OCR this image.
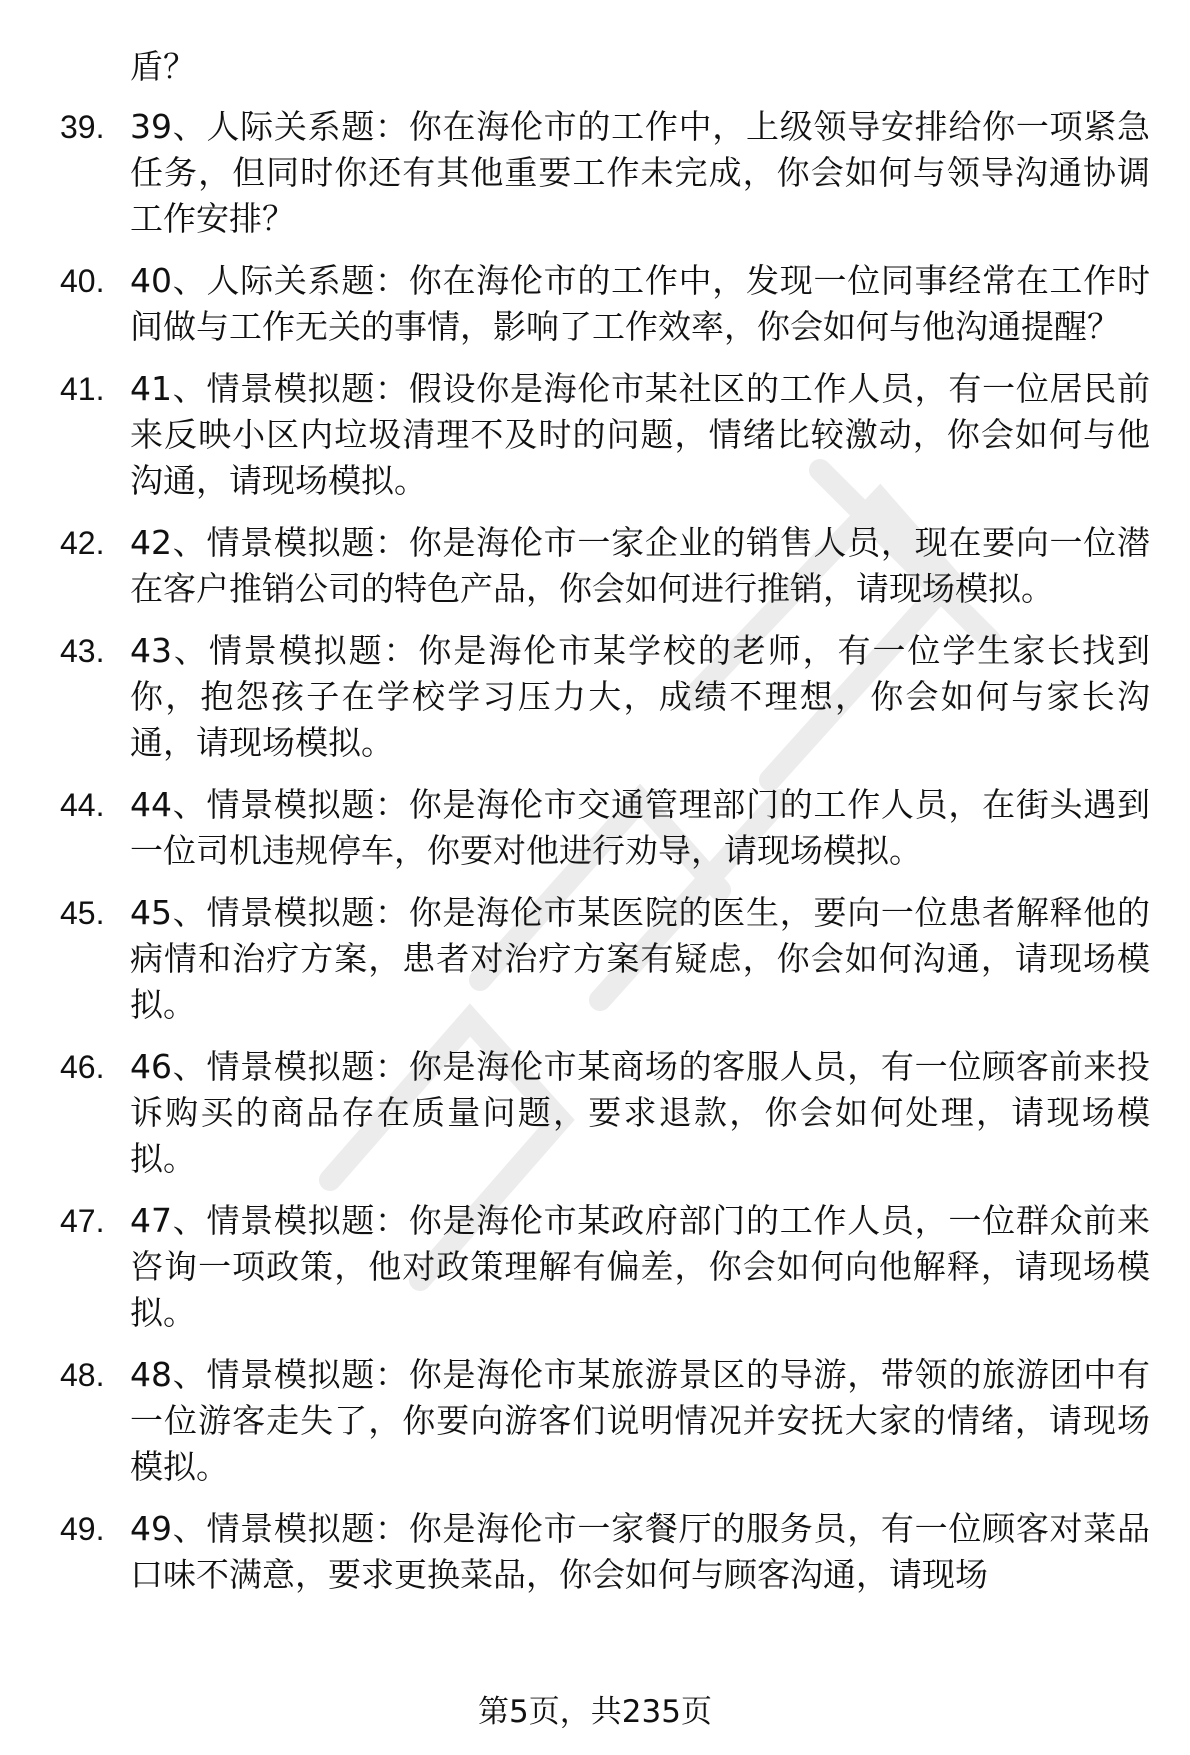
盾？
39. 39、人际关系题：你在海伦市的工作中，上级领导安排给你一项紧急任务，但同时你还有其他重要工作未完成，你会如何与领导沟通协调工作安排？
40. 40、人际关系题：你在海伦市的工作中，发现一位同事经常在工作时间做与工作无关的事情，影响了工作效率，你会如何与他沟通提醒？
41. 41、情景模拟题：假设你是海伦市某社区的工作人员，有一位居民前来反映小区内垃圾清理不及时的问题，情绪比较激动，你会如何与他沟通，请现场模拟。
42. 42、情景模拟题：你是海伦市一家企业的销售人员，现在要向一位潜在客户推销公司的特色产品，你会如何进行推销，请现场模拟。
43. 43、情景模拟题：你是海伦市某学校的老师，有一位学生家长找到你，抱怨孩子在学校学习压力大，成绩不理想，你会如何与家长沟通，请现场模拟。
44. 44、情景模拟题：你是海伦市交通管理部门的工作人员，在街头遇到一位司机违规停车，你要对他进行劝导，请现场模拟。
45. 45、情景模拟题：你是海伦市某医院的医生，要向一位患者解释他的病情和治疗方案，患者对治疗方案有疑虑，你会如何沟通，请现场模拟。
46. 46、情景模拟题：你是海伦市某商场的客服人员，有一位顾客前来投诉购买的商品存在质量问题，要求退款，你会如何处理，请现场模拟。
47. 47、情景模拟题：你是海伦市某政府部门的工作人员，一位群众前来咨询一项政策，他对政策理解有偏差，你会如何向他解释，请现场模拟。
48. 48、情景模拟题：你是海伦市某旅游景区的导游，带领的旅游团中有一位游客走失了，你要向游客们说明情况并安抚大家的情绪，请现场模拟。
49. 49、情景模拟题：你是海伦市一家餐厅的服务员，有一位顾客对菜品口味不满意，要求更换菜品，你会如何与顾客沟通，请现场
第5页，共235页
